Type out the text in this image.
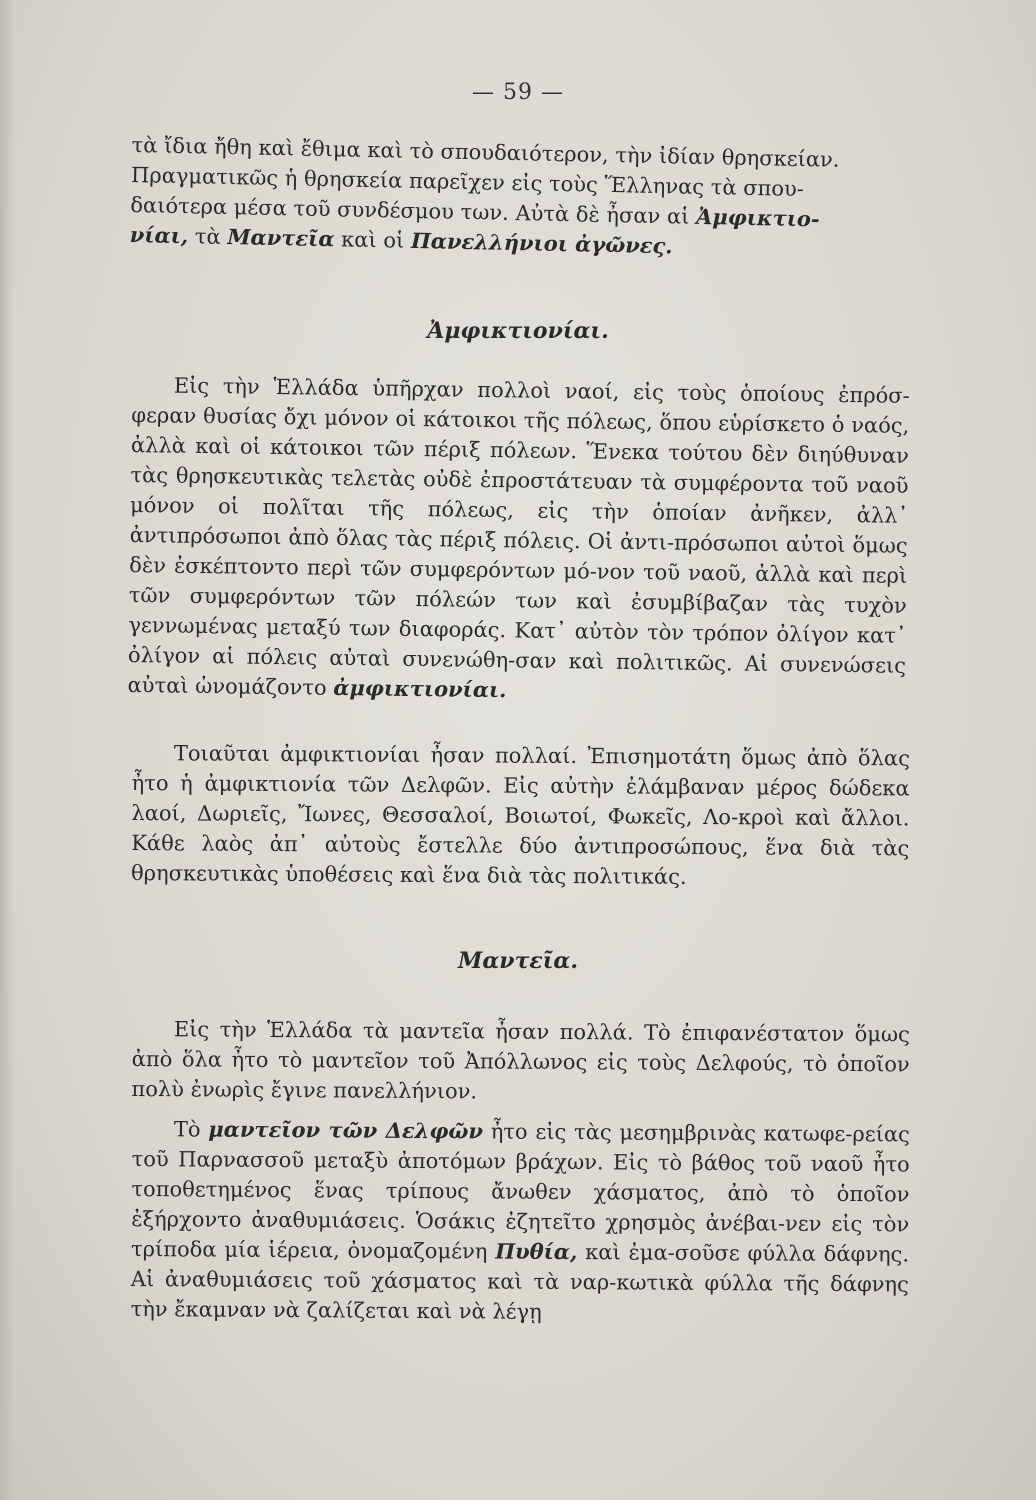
— 59 —

τὰ ἴδια ἤθη καὶ ἔθιμα καὶ τὸ σπουδαιότερον, τὴν ἰδίαν θρησκείαν.

Πραγματικῶς ἡ θρησκεία παρεῖχεν εἰς τοὺς Ἕλληνας τὰ σπου-

δαιότερα μέσα τοῦ συνδέσμου των. Αὐτὰ δὲ ἦσαν αἱ Ἀμφικτιο-

νίαι, τὰ Μαντεῖα καὶ οἱ Πανελλήνιοι ἀγῶνες.

Ἀμφικτιονίαι.

Εἰς τὴν Ἑλλάδα ὑπῆρχαν πολλοὶ ναοί, εἰς τοὺς ὁποίους ἐπρόσ-φεραν θυσίας ὄχι μόνον οἱ κάτοικοι τῆς πόλεως, ὅπου εὑρίσκετο ὁ ναός, ἀλλὰ καὶ οἱ κάτοικοι τῶν πέριξ πόλεων. Ἕνεκα τούτου δὲν διηύθυναν τὰς θρησκευτικὰς τελετὰς οὐδὲ ἐπροστάτευαν τὰ συμφέροντα τοῦ ναοῦ μόνον οἱ πολῖται τῆς πόλεως, εἰς τὴν ὁποίαν ἀνῆκεν, ἀλλ᾽ ἀντιπρόσωποι ἀπὸ ὅλας τὰς πέριξ πόλεις. Οἱ ἀντι-πρόσωποι αὐτοὶ ὅμως δὲν ἐσκέπτοντο περὶ τῶν συμφερόντων μό-νον τοῦ ναοῦ, ἀλλὰ καὶ περὶ τῶν συμφερόντων τῶν πόλεών των καὶ ἐσυμβίβαζαν τὰς τυχὸν γεννωμένας μεταξύ των διαφοράς. Κατ᾽ αὐτὸν τὸν τρόπον ὀλίγον κατ᾽ ὀλίγον αἱ πόλεις αὐταὶ συνενώθη-σαν καὶ πολιτικῶς. Αἱ συνενώσεις αὐταὶ ὠνομάζοντο ἀμφικτιονίαι.

Τοιαῦται ἀμφικτιονίαι ἦσαν πολλαί. Ἐπισημοτάτη ὅμως ἀπὸ ὅλας ἦτο ἡ ἀμφικτιονία τῶν Δελφῶν. Εἰς αὐτὴν ἐλάμβαναν μέρος δώδεκα λαοί, Δωριεῖς, Ἴωνες, Θεσσαλοί, Βοιωτοί, Φωκεῖς, Λο-κροὶ καὶ ἄλλοι. Κάθε λαὸς ἀπ᾽ αὐτοὺς ἔστελλε δύο ἀντιπροσώπους, ἕνα διὰ τὰς θρησκευτικὰς ὑποθέσεις καὶ ἕνα διὰ τὰς πολιτικάς.

Μαντεῖα.

Εἰς τὴν Ἑλλάδα τὰ μαντεῖα ἦσαν πολλά. Τὸ ἐπιφανέστατον ὅμως ἀπὸ ὅλα ἦτο τὸ μαντεῖον τοῦ Ἀπόλλωνος εἰς τοὺς Δελφούς, τὸ ὁποῖον πολὺ ἐνωρὶς ἔγινε πανελλήνιον.

Τὸ μαντεῖον τῶν Δελφῶν ἦτο εἰς τὰς μεσημβρινὰς κατωφε-ρείας τοῦ Παρνασσοῦ μεταξὺ ἀποτόμων βράχων. Εἰς τὸ βάθος τοῦ ναοῦ ἦτο τοποθετημένος ἕνας τρίπους ἄνωθεν χάσματος, ἀπὸ τὸ ὁποῖον ἐξήρχοντο ἀναθυμιάσεις. Ὁσάκις ἐζητεῖτο χρησμὸς ἀνέβαι-νεν εἰς τὸν τρίποδα μία ἱέρεια, ὀνομαζομένη Πυθία, καὶ ἐμα-σοῦσε φύλλα δάφνης. Αἱ ἀναθυμιάσεις τοῦ χάσματος καὶ τὰ ναρ-κωτικὰ φύλλα τῆς δάφνης τὴν ἔκαμναν νὰ ζαλίζεται καὶ νὰ λέγῃ
